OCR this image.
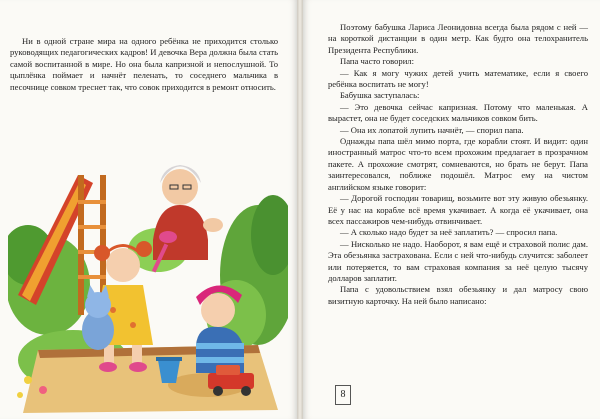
Ни в одной стране мира на одного ребёнка не приходится столько руководящих педагогических кадров! И девочка Вера должна была стать самой воспитанной в мире. Но она была капризной и непослушной. То цыплёнка поймает и начнёт пеленать, то соседнего мальчика в песочнице совком треснет так, что совок приходится в ремонт относить.

Поэтому бабушка Лариса Леонидовна всегда была рядом с ней — на короткой дистанции в один метр. Как будто она телохранитель Президента Республики.

Папа часто говорил:

— Как я могу чужих детей учить математике, если я своего ребёнка воспитать не могу!

Бабушка заступалась:

— Это девочка сейчас капризная. Потому что маленькая. А вырастет, она не будет соседских мальчиков совком бить.

— Она их лопатой лупить начнёт, — спорил папа.

Однажды папа шёл мимо порта, где корабли стоят. И видит: один иностранный матрос что-то всем прохожим предлагает в прозрачном пакете. А прохожие смотрят, сомневаются, но брать не берут. Папа заинтересовался, поближе подошёл. Матрос ему на чистом английском языке говорит:

— Дорогой господин товарищ, возьмите вот эту живую обезьянку. Её у нас на корабле всё время укачивает. А когда её укачивает, она всех пассажиров чем-нибудь отвинчивает.

— А сколько надо будет за неё заплатить? — спросил папа.

— Нисколько не надо. Наоборот, я вам ещё и страховой полис дам. Эта обезьянка застрахована. Если с ней что-нибудь случится: заболеет или потеряется, то вам страховая компания за неё целую тысячу долларов заплатит.

Папа с удовольствием взял обезьянку и дал матросу свою визитную карточку. На ней было написано:

8
